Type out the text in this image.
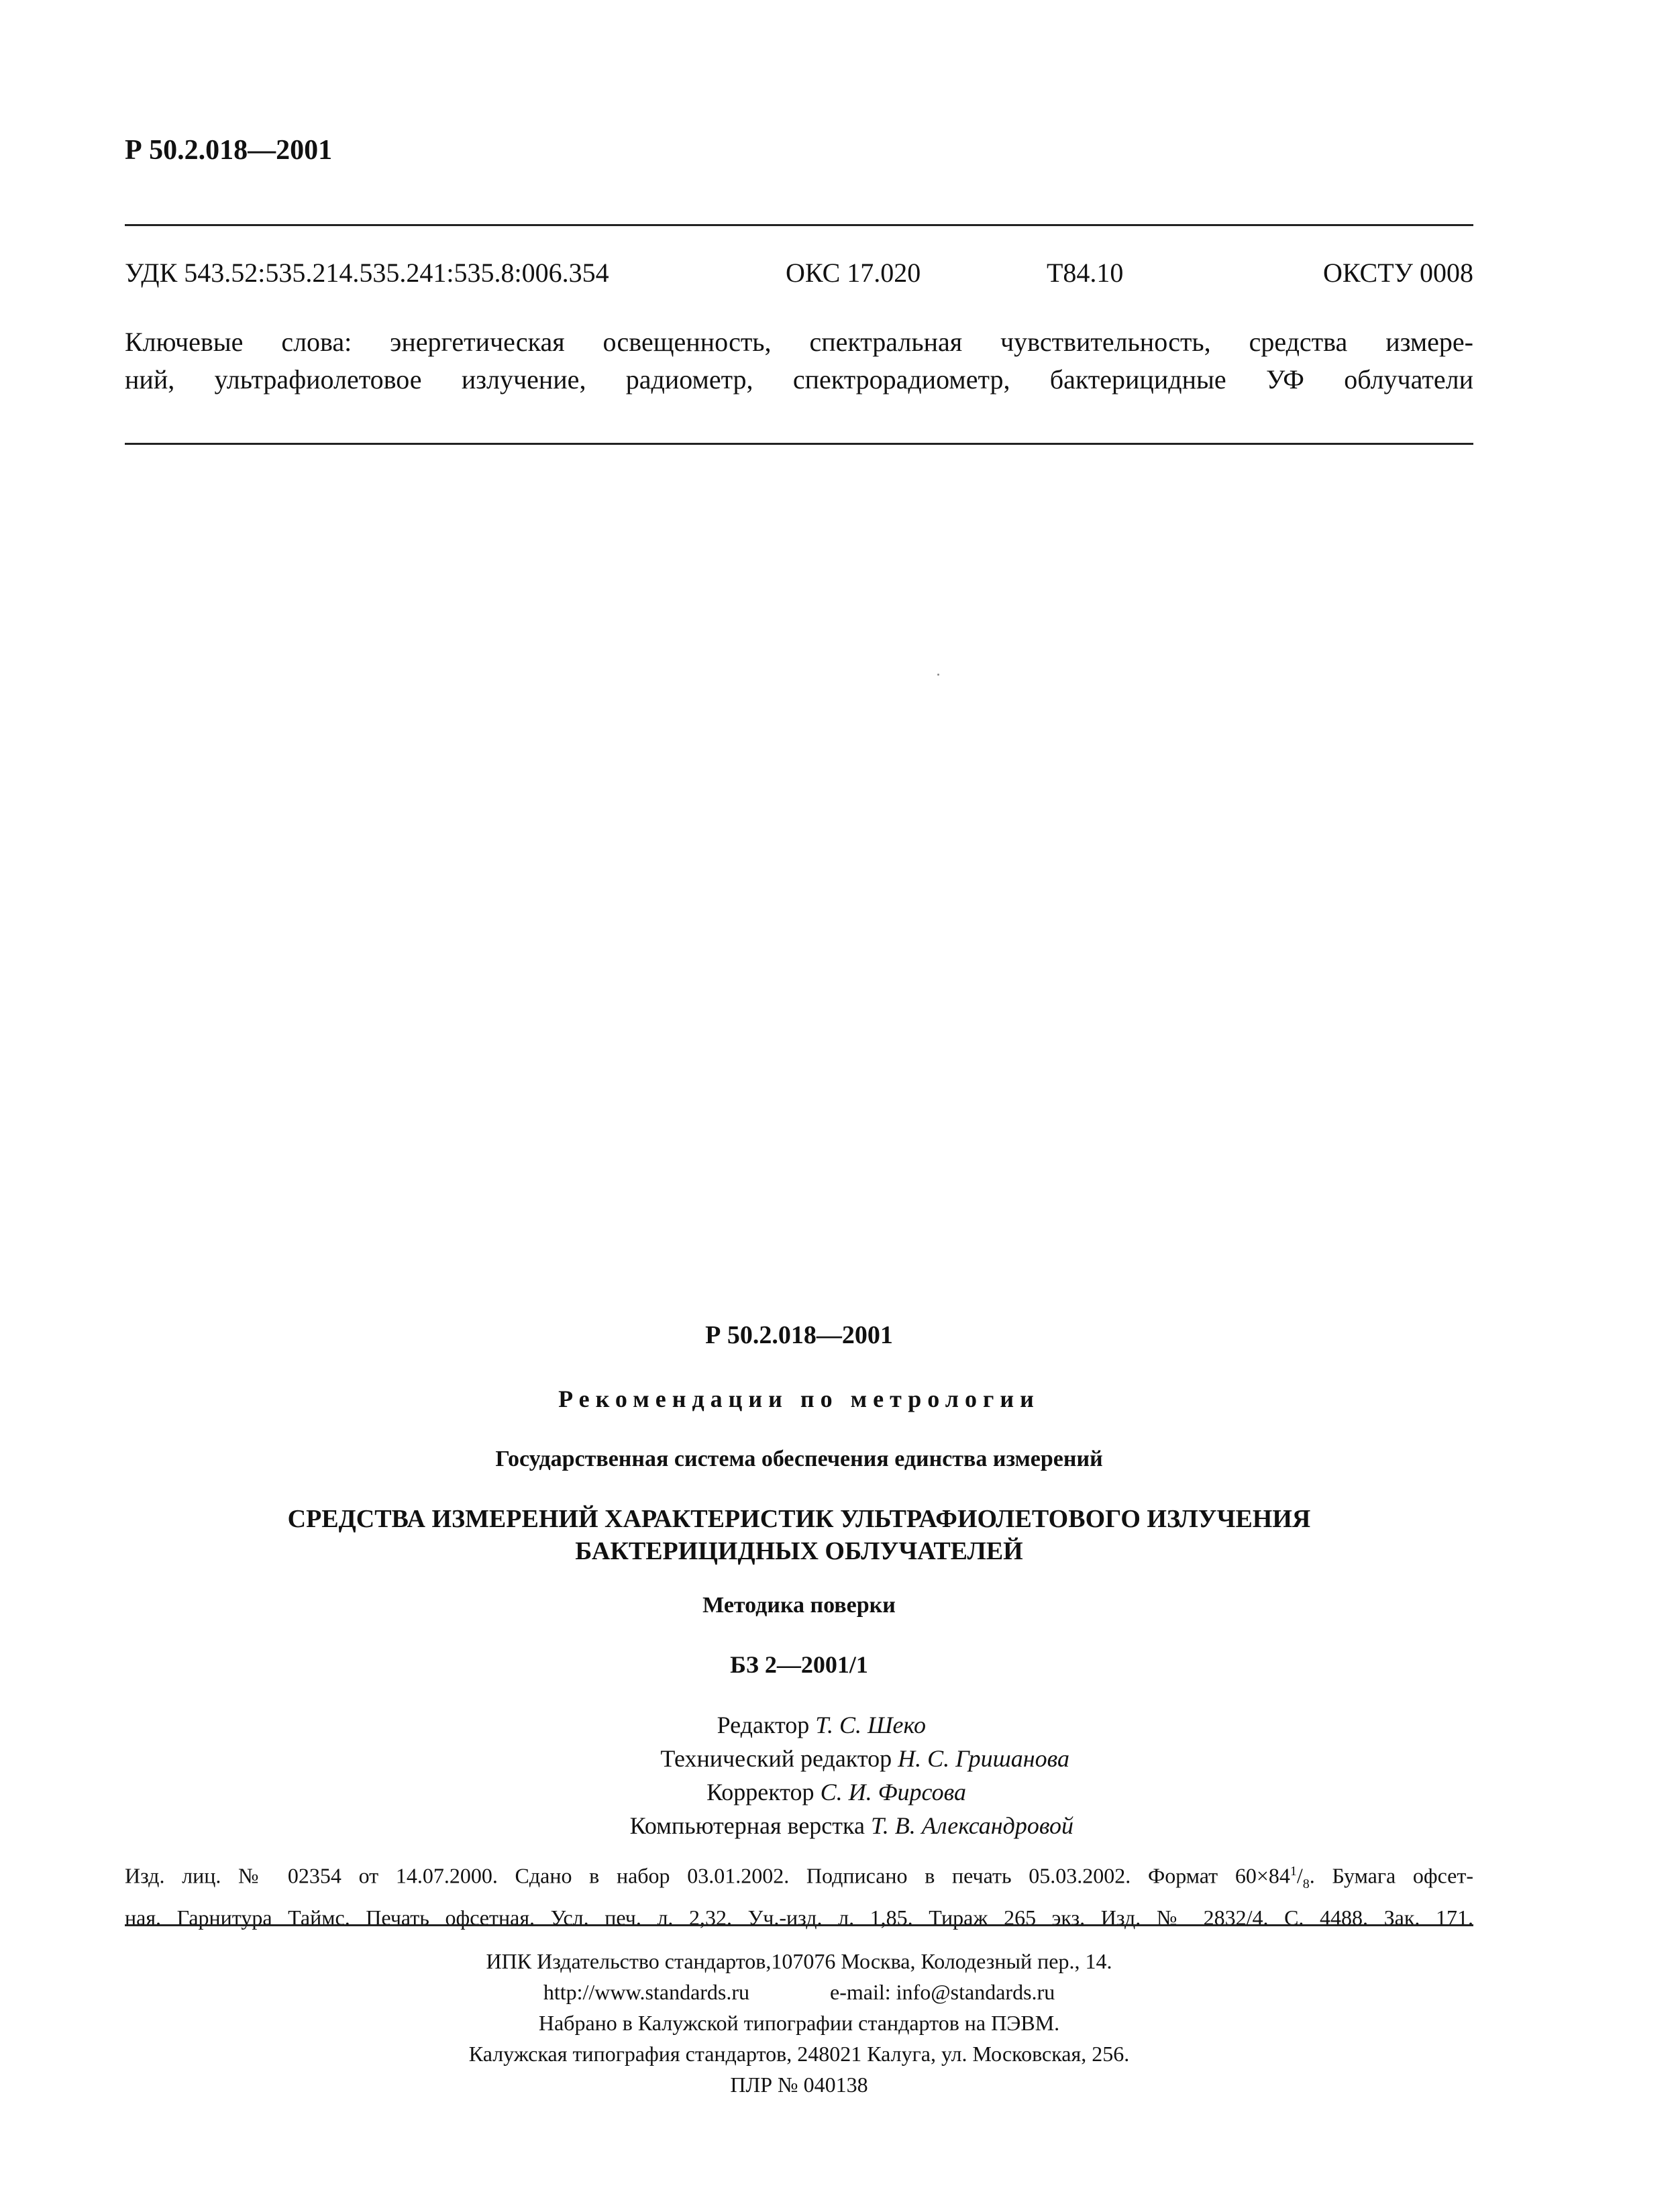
Р 50.2.018—2001
УДК 543.52:535.214.535.241:535.8:006.354	ОКС 17.020	Т84.10	ОКСТУ 0008
Ключевые слова: энергетическая освещенность, спектральная чувствительность, средства измере-
ний, ультрафиолетовое излучение, радиометр, спектрорадиометр, бактерицидные УФ облучатели
Р 50.2.018—2001
Рекомендации по метрологии
Государственная система обеспечения единства измерений
СРЕДСТВА ИЗМЕРЕНИЙ ХАРАКТЕРИСТИК УЛЬТРАФИОЛЕТОВОГО ИЗЛУЧЕНИЯ
БАКТЕРИЦИДНЫХ ОБЛУЧАТЕЛЕЙ
Методика поверки
БЗ 2—2001/1
Редактор Т. С. Шеко
Технический редактор Н. С. Гришанова
Корректор С. И. Фирсова
Компьютерная верстка Т. В. Александровой
Изд. лиц. № 02354 от 14.07.2000. Сдано в набор 03.01.2002. Подписано в печать 05.03.2002. Формат $60\times 84^1/_8$. Бумага офсет-
ная. Гарнитура Таймс. Печать офсетная. Усл. печ. л. 2,32. Уч.-изд. л. 1,85. Тираж 265 экз. Изд. № 2832/4. С. 4488. Зак. 171.
ИПК Издательство стандартов,107076 Москва, Колодезный пер., 14.
http://www.standards.ru	e-mail: info@standards.ru
Набрано в Калужской типографии стандартов на ПЭВМ.
Калужская типография стандартов, 248021 Калуга, ул. Московская, 256.
ПЛР № 040138
